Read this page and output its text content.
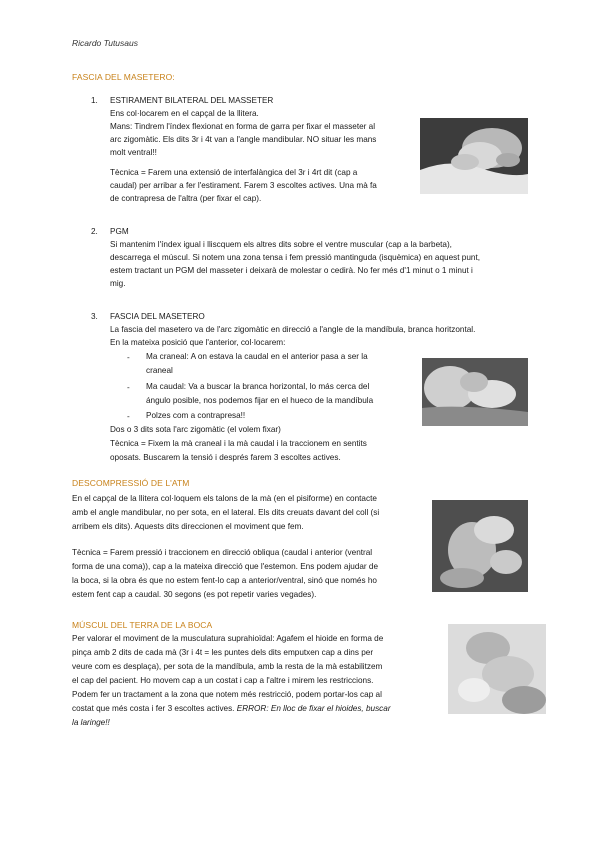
Ricardo Tutusaus
FASCIA DEL MASETERO:
1. ESTIRAMENT BILATERAL DEL MASSETER
Ens col·locarem en el capçal de la llitera.
Mans: Tindrem l'índex flexionat en forma de garra per fixar el masseter al
arc zigomàtic. Els dits 3r i 4t van a l'angle mandibular. NO situar les mans
molt ventral!!
Tècnica = Farem una extensió de interfalàngica del 3r i 4rt dit (cap a
caudal) per arribar a fer l'estirament. Farem 3 escoltes actives. Una mà fa
de contrapresa de l'altra (per fixar el cap).
2. PGM
Si mantenim l'índex igual i lliscquem els altres dits sobre el ventre muscular (cap a la barbeta),
descarrega el múscul. Si notem una zona tensa i fem pressió mantinguda (isquèmica) en aquest punt,
estem tractant un PGM del masseter i deixarà de molestar o cedirà. No fer més d'1 minut o 1 minut i
mig.
3. FASCIA DEL MASETERO
La fascia del masetero va de l'arc zigomàtic en direcció a l'angle de la mandíbula, branca horitzontal.
En la mateixa posició que l'anterior, col·locarem:
- Ma craneal: A on estava la caudal en el anterior pasa a ser la
craneal
- Ma caudal: Va a buscar la branca horizontal, lo más cerca del
ángulo posible, nos podemos fijar en el hueco de la mandíbula
- Polzes com a contrapresa!!
Dos o 3 dits sota l'arc zigomàtic (el volem fixar)
Tècnica = Fixem la mà craneal i la mà caudal i la traccionem en sentits
oposats. Buscarem la tensió i després farem 3 escoltes actives.
DESCOMPRESSIÓ DE L'ATM
En el capçal de la llitera col·loquem els talons de la mà (en el pisiforme) en contacte
amb el angle mandibular, no per sota, en el lateral. Els dits creuats davant del coll (si
arribem els dits). Aquests dits direccionen el moviment que fem.
Tècnica = Farem pressió i traccionem en direcció obliqua (caudal i anterior (ventral
forma de una coma)), cap a la mateixa direcció que l'estemon. Ens podem ajudar de
la boca, si la obra és que no estem fent-lo cap a anterior/ventral, sinó que només ho
estem fent cap a caudal. 30 segons (es pot repetir varies vegades).
MÚSCUL DEL TERRA DE LA BOCA
Per valorar el moviment de la musculatura suprahioïdal: Agafem el hioide en forma de
pinça amb 2 dits de cada mà (3r i 4t = les puntes dels dits emputxen cap a dins per
veure com es desplaça), per sota de la mandíbula, amb la resta de la mà estabilitzem
el cap del pacient. Ho movem cap a un costat i cap a l'altre i mirem les restriccions.
Podem fer un tractament a la zona que notem més restricció, podem portar-los cap al
costat que més costa i fer 3 escoltes actives. ERROR: En lloc de fixar el hioides, buscar
la laringe!!
